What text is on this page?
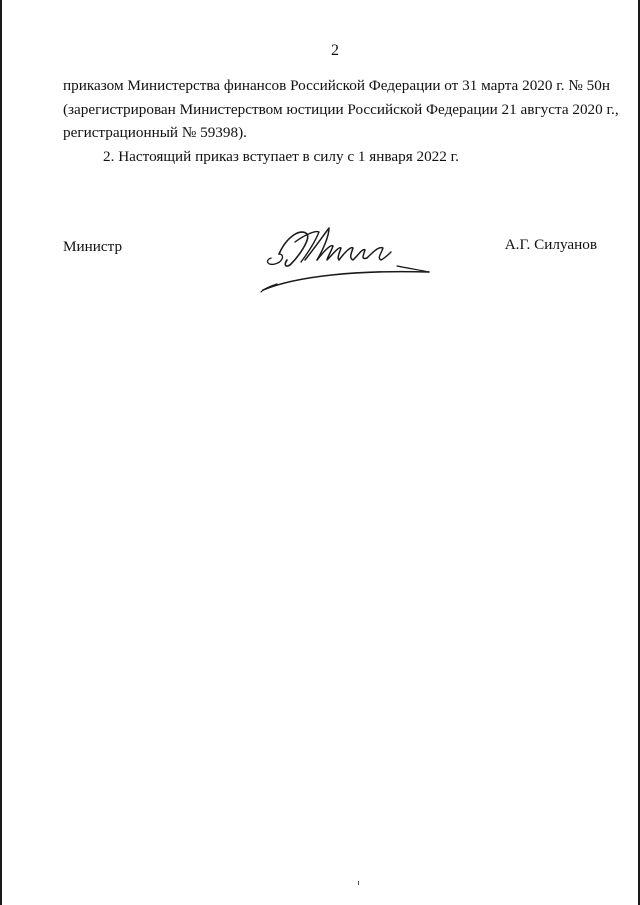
2
приказом Министерства финансов Российской Федерации от 31 марта 2020 г. № 50н
(зарегистрирован Министерством юстиции Российской Федерации 21 августа 2020 г.,
регистрационный № 59398).
2. Настоящий приказ вступает в силу с 1 января 2022 г.
Министр	А.Г. Силуанов
